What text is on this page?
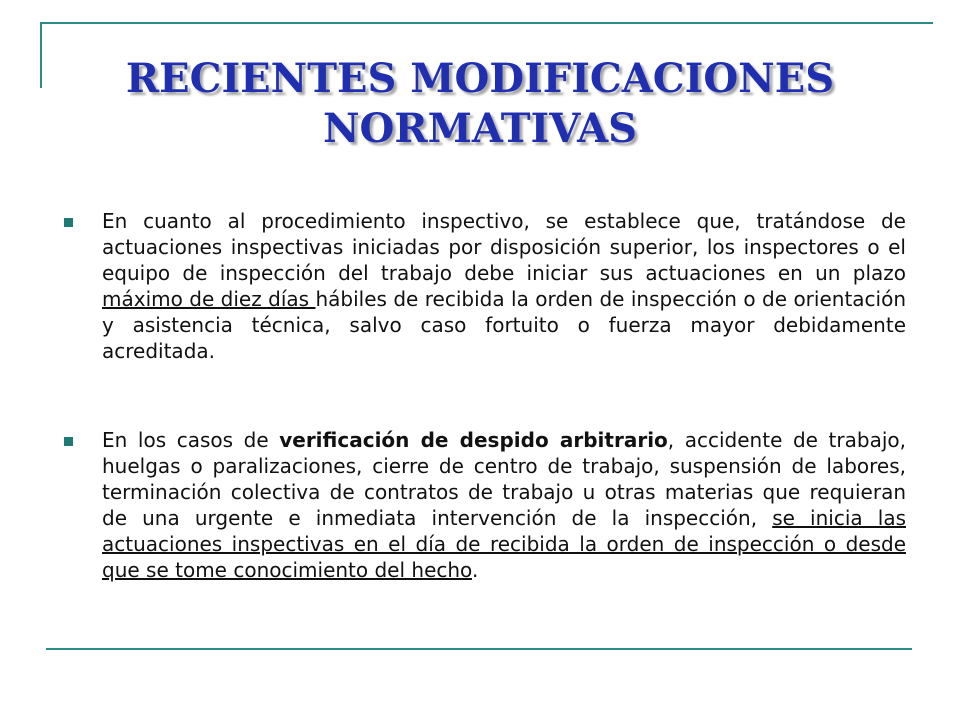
RECIENTES MODIFICACIONES
NORMATIVAS

En cuanto al procedimiento inspectivo, se establece que, tratándose de actuaciones inspectivas iniciadas por disposición superior, los inspectores o el equipo de inspección del trabajo debe iniciar sus actuaciones en un plazo máximo de diez días hábiles de recibida la orden de inspección o de orientación y asistencia técnica, salvo caso fortuito o fuerza mayor debidamente acreditada.

En los casos de verificación de despido arbitrario, accidente de trabajo, huelgas o paralizaciones, cierre de centro de trabajo, suspensión de labores, terminación colectiva de contratos de trabajo u otras materias que requieran de una urgente e inmediata intervención de la inspección, se inicia las actuaciones inspectivas en el día de recibida la orden de inspección o desde que se tome conocimiento del hecho.
